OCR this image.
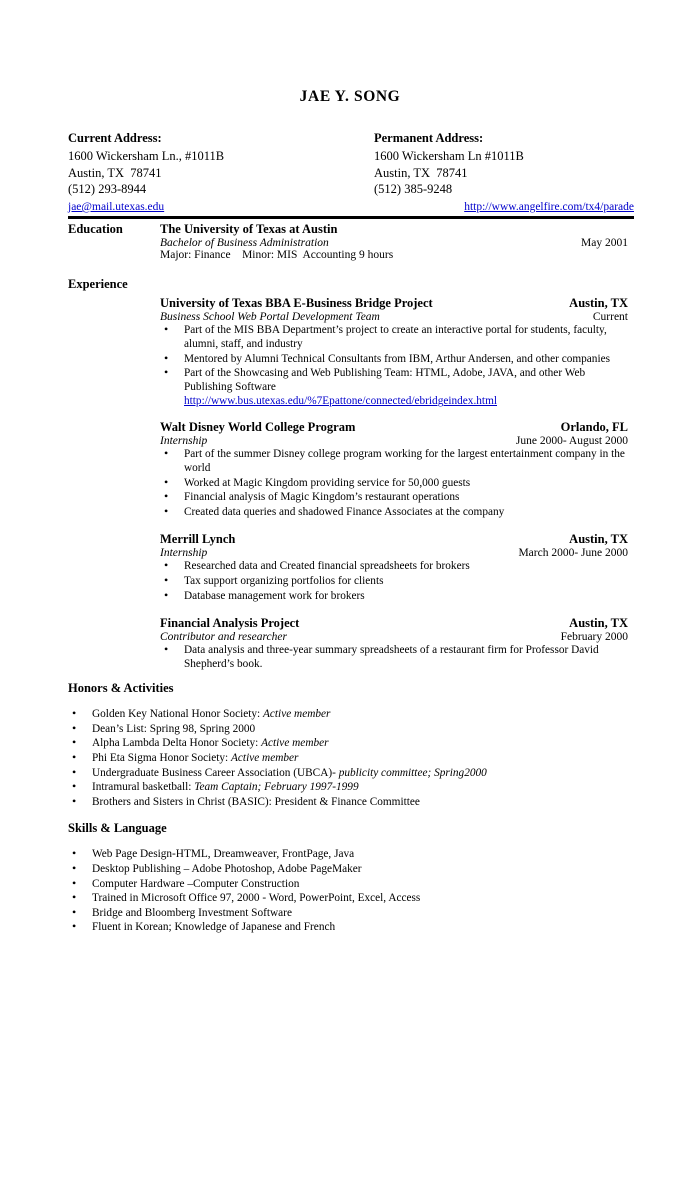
JAE Y. SONG
Current Address:
1600 Wickersham Ln., #1011B
Austin, TX  78741
(512) 293-8944
jae@mail.utexas.edu
Permanent Address:
1600 Wickersham Ln #1011B
Austin, TX  78741
(512) 385-9248
http://www.angelfire.com/tx4/parade
Education	The University of Texas at Austin
Bachelor of Business Administration	May 2001
Major: Finance    Minor: MIS  Accounting 9 hours
Experience
University of Texas BBA E-Business Bridge Project	Austin, TX
Business School Web Portal Development Team	Current
• Part of the MIS BBA Department’s project to create an interactive portal for students, faculty, alumni, staff, and industry
• Mentored by Alumni Technical Consultants from IBM, Arthur Andersen, and other companies
• Part of the Showcasing and Web Publishing Team: HTML, Adobe, JAVA, and other Web Publishing Software
http://www.bus.utexas.edu/%7Epattone/connected/ebridgeindex.html
Walt Disney World College Program	Orlando, FL
Internship	June 2000- August 2000
• Part of the summer Disney college program working for the largest entertainment company in the world
• Worked at Magic Kingdom providing service for 50,000 guests
• Financial analysis of Magic Kingdom’s restaurant operations
• Created data queries and shadowed Finance Associates at the company
Merrill Lynch	Austin, TX
Internship	March 2000- June 2000
• Researched data and Created financial spreadsheets for brokers
• Tax support organizing portfolios for clients
• Database management work for brokers
Financial Analysis Project	Austin, TX
Contributor and researcher	February 2000
• Data analysis and three-year summary spreadsheets of a restaurant firm for Professor David Shepherd’s book.
Honors & Activities
• Golden Key National Honor Society: Active member
• Dean’s List: Spring 98, Spring 2000
• Alpha Lambda Delta Honor Society: Active member
• Phi Eta Sigma Honor Society: Active member
• Undergraduate Business Career Association (UBCA)- publicity committee; Spring2000
• Intramural basketball: Team Captain; February 1997-1999
• Brothers and Sisters in Christ (BASIC): President & Finance Committee
Skills & Language
• Web Page Design-HTML, Dreamweaver, FrontPage, Java
• Desktop Publishing – Adobe Photoshop, Adobe PageMaker
• Computer Hardware –Computer Construction
• Trained in Microsoft Office 97, 2000 - Word, PowerPoint, Excel, Access
• Bridge and Bloomberg Investment Software
• Fluent in Korean; Knowledge of Japanese and French
